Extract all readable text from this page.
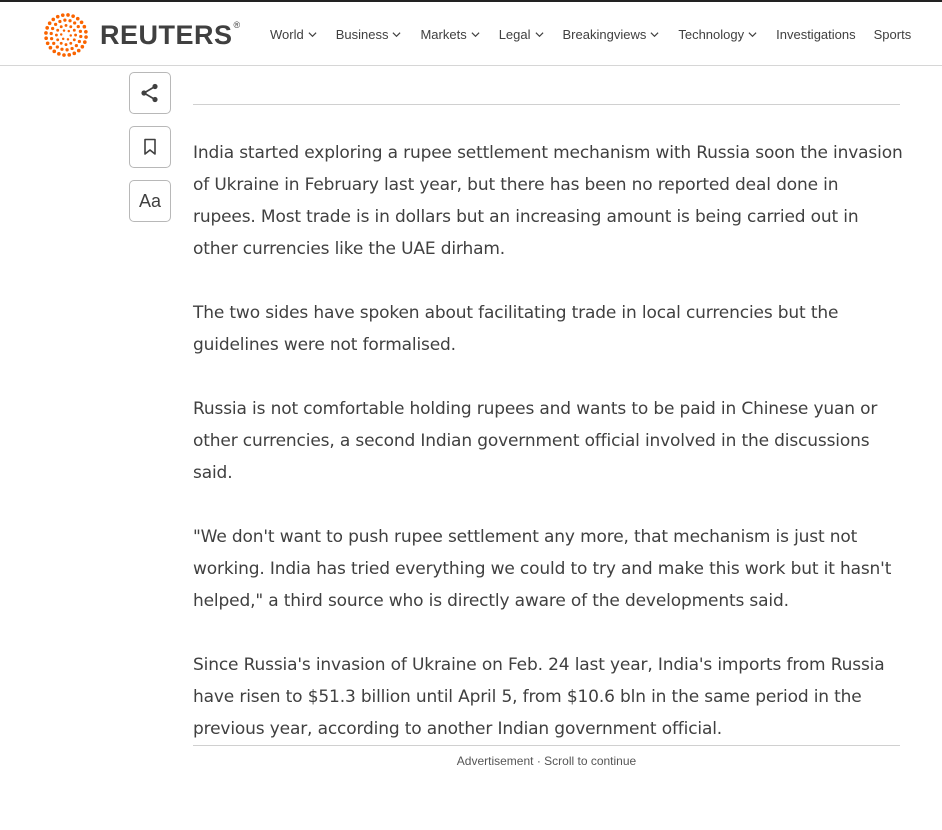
REUTERS ®
World Business Markets Legal Breakingviews Technology Investigations Sports
Aa

India started exploring a rupee settlement mechanism with Russia soon the invasion of Ukraine in February last year, but there has been no reported deal done in rupees. Most trade is in dollars but an increasing amount is being carried out in other currencies like the UAE dirham.

The two sides have spoken about facilitating trade in local currencies but the guidelines were not formalised.

Russia is not comfortable holding rupees and wants to be paid in Chinese yuan or other currencies, a second Indian government official involved in the discussions said.

"We don't want to push rupee settlement any more, that mechanism is just not working. India has tried everything we could to try and make this work but it hasn't helped," a third source who is directly aware of the developments said.

Since Russia's invasion of Ukraine on Feb. 24 last year, India's imports from Russia have risen to $51.3 billion until April 5, from $10.6 bln in the same period in the previous year, according to another Indian government official.

Advertisement · Scroll to continue
